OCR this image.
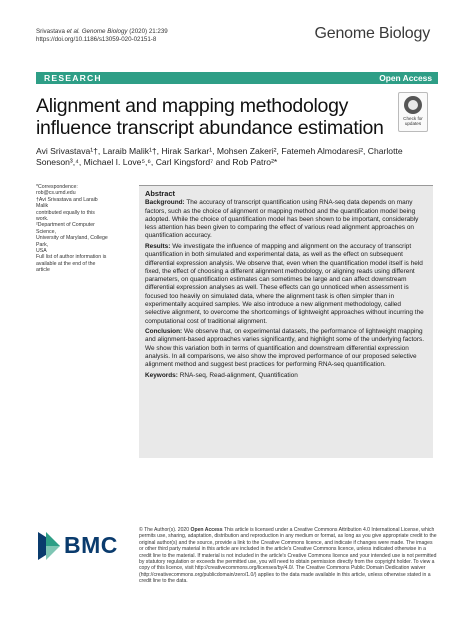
Srivastava et al. Genome Biology (2020) 21:239
https://doi.org/10.1186/s13059-020-02151-8	Genome Biology
RESEARCH	Open Access
Alignment and mapping methodology influence transcript abundance estimation	Check for
updates
Avi Srivastava¹†, Laraib Malik¹†, Hirak Sarkar¹, Mohsen Zakeri², Fatemeh Almodaresi², Charlotte Soneson³,⁴, Michael I. Love⁵,⁶, Carl Kingsford⁷ and Rob Patro²*
*Correspondence: rob@cs.umd.edu
†Avi Srivastava and Laraib Malik
contributed equally to this work.
²Department of Computer Science,
University of Maryland, College Park,
USA
Full list of author information is
available at the end of the article
Abstract

Background: The accuracy of transcript quantification using RNA-seq data depends on many factors, such as the choice of alignment or mapping method and the quantification model being adopted. While the choice of quantification model has been shown to be important, considerably less attention has been given to comparing the effect of various read alignment approaches on quantification accuracy.

Results: We investigate the influence of mapping and alignment on the accuracy of transcript quantification in both simulated and experimental data, as well as the effect on subsequent differential expression analysis. We observe that, even when the quantification model itself is held fixed, the effect of choosing a different alignment methodology, or aligning reads using different parameters, on quantification estimates can sometimes be large and can affect downstream differential expression analyses as well. These effects can go unnoticed when assessment is focused too heavily on simulated data, where the alignment task is often simpler than in experimentally acquired samples. We also introduce a new alignment methodology, called selective alignment, to overcome the shortcomings of lightweight approaches without incurring the computational cost of traditional alignment.

Conclusion: We observe that, on experimental datasets, the performance of lightweight mapping and alignment-based approaches varies significantly, and highlight some of the underlying factors. We show this variation both in terms of quantification and downstream differential expression analysis. In all comparisons, we also show the improved performance of our proposed selective alignment method and suggest best practices for performing RNA-seq quantification.

Keywords: RNA-seq, Read-alignment, Quantification

BMC
© The Author(s). 2020 Open Access This article is licensed under a Creative Commons Attribution 4.0 International License, which permits use, sharing, adaptation, distribution and reproduction in any medium or format, as long as you give appropriate credit to the original author(s) and the source, provide a link to the Creative Commons licence, and indicate if changes were made. The images or other third party material in this article are included in the article's Creative Commons licence, unless indicated otherwise in a credit line to the material. If material is not included in the article's Creative Commons licence and your intended use is not permitted by statutory regulation or exceeds the permitted use, you will need to obtain permission directly from the copyright holder. To view a copy of this licence, visit http://creativecommons.org/licenses/by/4.0/. The Creative Commons Public Domain Dedication waiver (http://creativecommons.org/publicdomain/zero/1.0/) applies to the data made available in this article, unless otherwise stated in a credit line to the data.
